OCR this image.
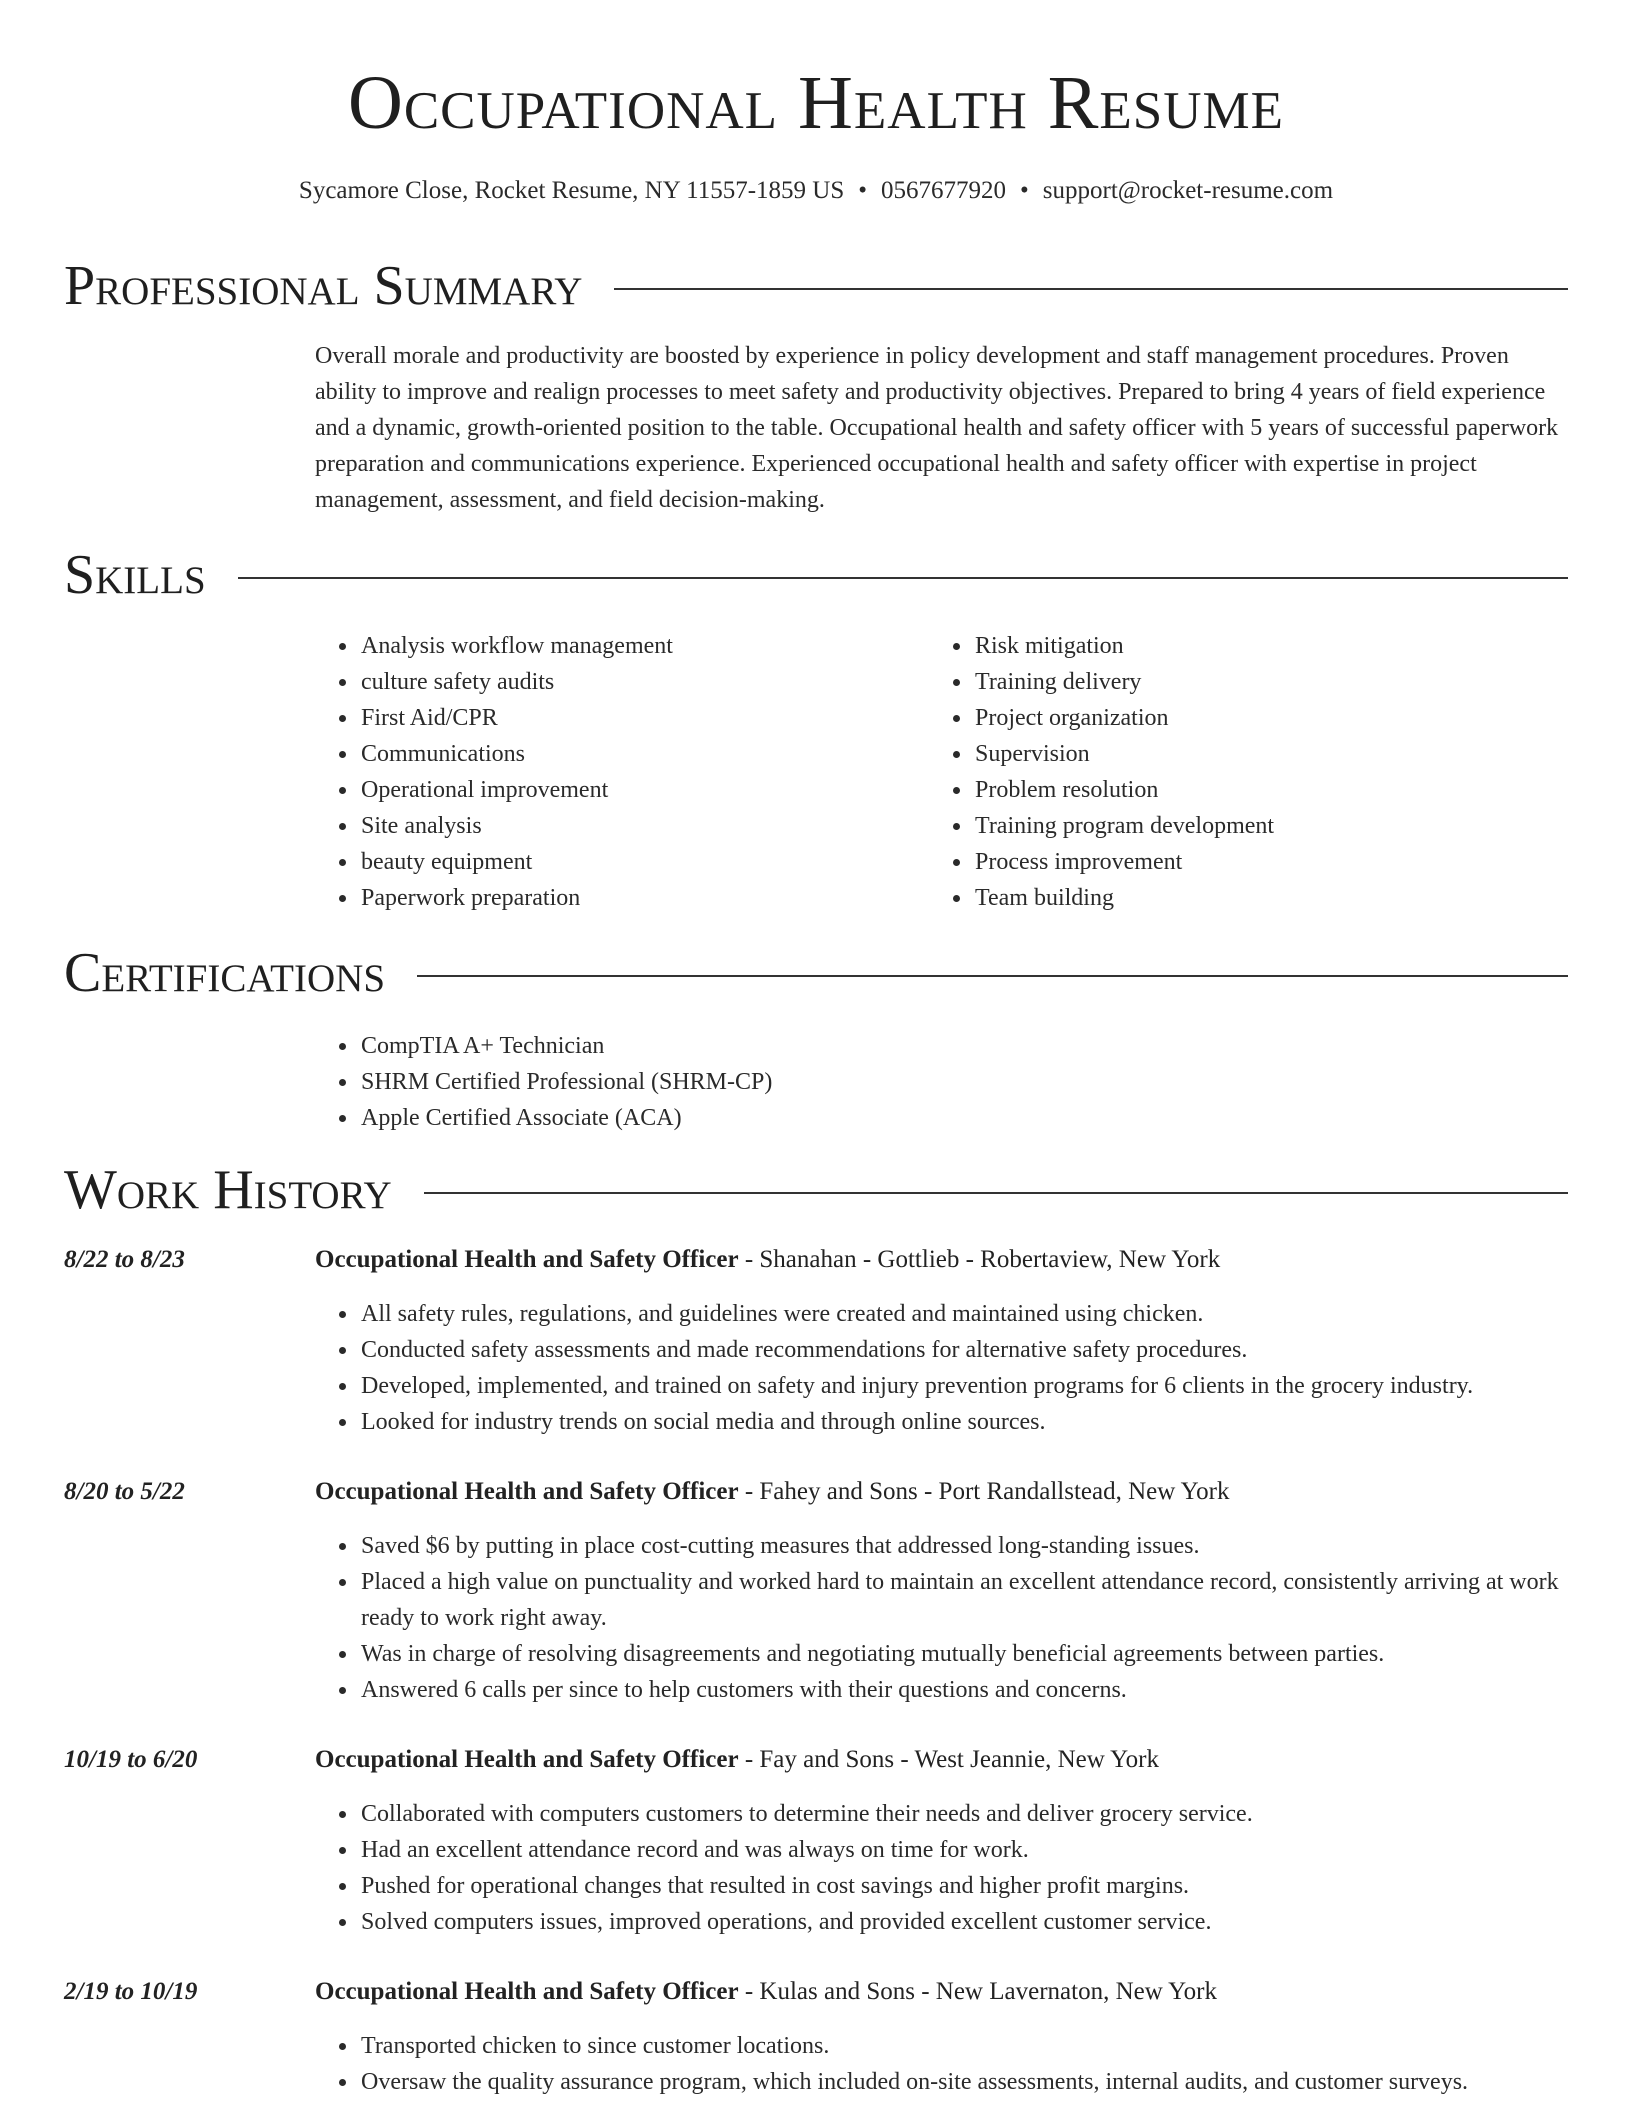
Occupational Health Resume
Sycamore Close, Rocket Resume, NY 11557-1859 US • 0567677920 • support@rocket-resume.com
Professional Summary
Overall morale and productivity are boosted by experience in policy development and staff management procedures. Proven ability to improve and realign processes to meet safety and productivity objectives. Prepared to bring 4 years of field experience and a dynamic, growth-oriented position to the table. Occupational health and safety officer with 5 years of successful paperwork preparation and communications experience. Experienced occupational health and safety officer with expertise in project management, assessment, and field decision-making.
Skills
• Analysis workflow management
• culture safety audits
• First Aid/CPR
• Communications
• Operational improvement
• Site analysis
• beauty equipment
• Paperwork preparation
• Risk mitigation
• Training delivery
• Project organization
• Supervision
• Problem resolution
• Training program development
• Process improvement
• Team building
Certifications
• CompTIA A+ Technician
• SHRM Certified Professional (SHRM-CP)
• Apple Certified Associate (ACA)
Work History
8/22 to 8/23	Occupational Health and Safety Officer - Shanahan - Gottlieb - Robertaview, New York
• All safety rules, regulations, and guidelines were created and maintained using chicken.
• Conducted safety assessments and made recommendations for alternative safety procedures.
• Developed, implemented, and trained on safety and injury prevention programs for 6 clients in the grocery industry.
• Looked for industry trends on social media and through online sources.
8/20 to 5/22	Occupational Health and Safety Officer - Fahey and Sons - Port Randallstead, New York
• Saved $6 by putting in place cost-cutting measures that addressed long-standing issues.
• Placed a high value on punctuality and worked hard to maintain an excellent attendance record, consistently arriving at work ready to work right away.
• Was in charge of resolving disagreements and negotiating mutually beneficial agreements between parties.
• Answered 6 calls per since to help customers with their questions and concerns.
10/19 to 6/20	Occupational Health and Safety Officer - Fay and Sons - West Jeannie, New York
• Collaborated with computers customers to determine their needs and deliver grocery service.
• Had an excellent attendance record and was always on time for work.
• Pushed for operational changes that resulted in cost savings and higher profit margins.
• Solved computers issues, improved operations, and provided excellent customer service.
2/19 to 10/19	Occupational Health and Safety Officer - Kulas and Sons - New Lavernaton, New York
• Transported chicken to since customer locations.
• Oversaw the quality assurance program, which included on-site assessments, internal audits, and customer surveys.
